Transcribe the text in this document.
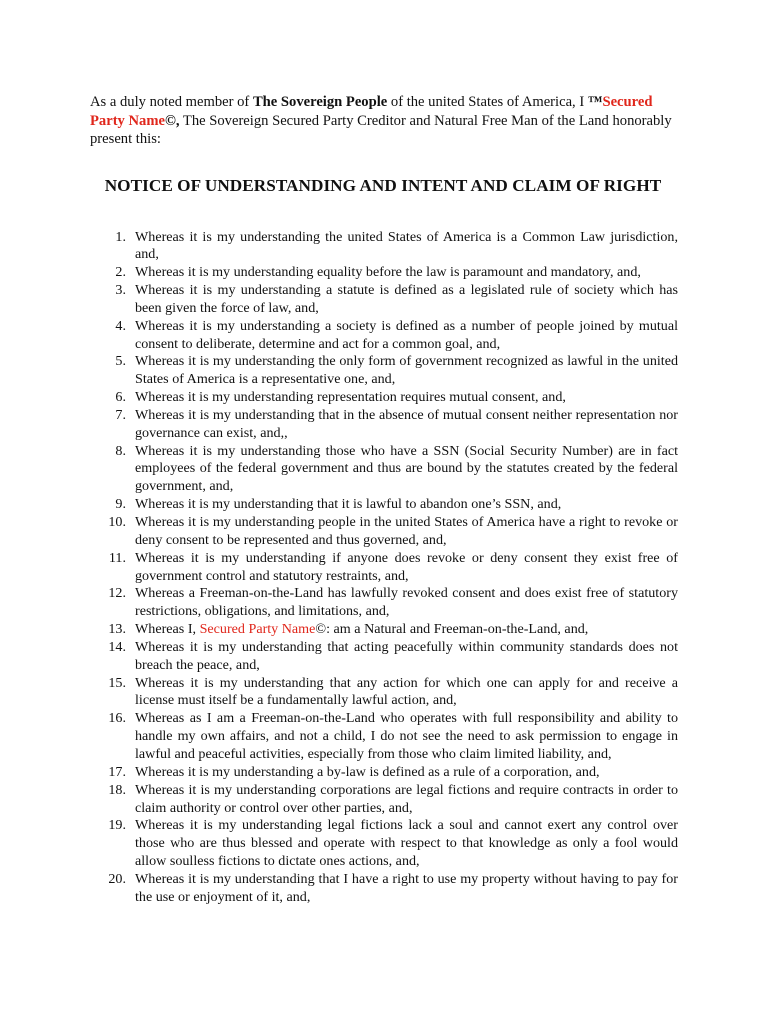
As a duly noted member of The Sovereign People of the united States of America, I ™Secured Party Name©, The Sovereign Secured Party Creditor and Natural Free Man of the Land honorably present this:

NOTICE OF UNDERSTANDING AND INTENT AND CLAIM OF RIGHT
1. Whereas it is my understanding the united States of America is a Common Law jurisdiction, and,
2. Whereas it is my understanding equality before the law is paramount and mandatory, and,
3. Whereas it is my understanding a statute is defined as a legislated rule of society which has been given the force of law, and,
4. Whereas it is my understanding a society is defined as a number of people joined by mutual consent to deliberate, determine and act for a common goal, and,
5. Whereas it is my understanding the only form of government recognized as lawful in the united States of America is a representative one, and,
6. Whereas it is my understanding representation requires mutual consent, and,
7. Whereas it is my understanding that in the absence of mutual consent neither representation nor governance can exist, and,,
8. Whereas it is my understanding those who have a SSN (Social Security Number) are in fact employees of the federal government and thus are bound by the statutes created by the federal government, and,
9. Whereas it is my understanding that it is lawful to abandon one’s SSN, and,
10. Whereas it is my understanding people in the united States of America have a right to revoke or deny consent to be represented and thus governed, and,
11. Whereas it is my understanding if anyone does revoke or deny consent they exist free of government control and statutory restraints, and,
12. Whereas a Freeman-on-the-Land has lawfully revoked consent and does exist free of statutory restrictions, obligations, and limitations, and,
13. Whereas I, Secured Party Name©: am a Natural and Freeman-on-the-Land, and,
14. Whereas it is my understanding that acting peacefully within community standards does not breach the peace, and,
15. Whereas it is my understanding that any action for which one can apply for and receive a license must itself be a fundamentally lawful action, and,
16. Whereas as I am a Freeman-on-the-Land who operates with full responsibility and ability to handle my own affairs, and not a child, I do not see the need to ask permission to engage in lawful and peaceful activities, especially from those who claim limited liability, and,
17. Whereas it is my understanding a by-law is defined as a rule of a corporation, and,
18. Whereas it is my understanding corporations are legal fictions and require contracts in order to claim authority or control over other parties, and,
19. Whereas it is my understanding legal fictions lack a soul and cannot exert any control over those who are thus blessed and operate with respect to that knowledge as only a fool would allow soulless fictions to dictate ones actions, and,
20. Whereas it is my understanding that I have a right to use my property without having to pay for the use or enjoyment of it, and,
